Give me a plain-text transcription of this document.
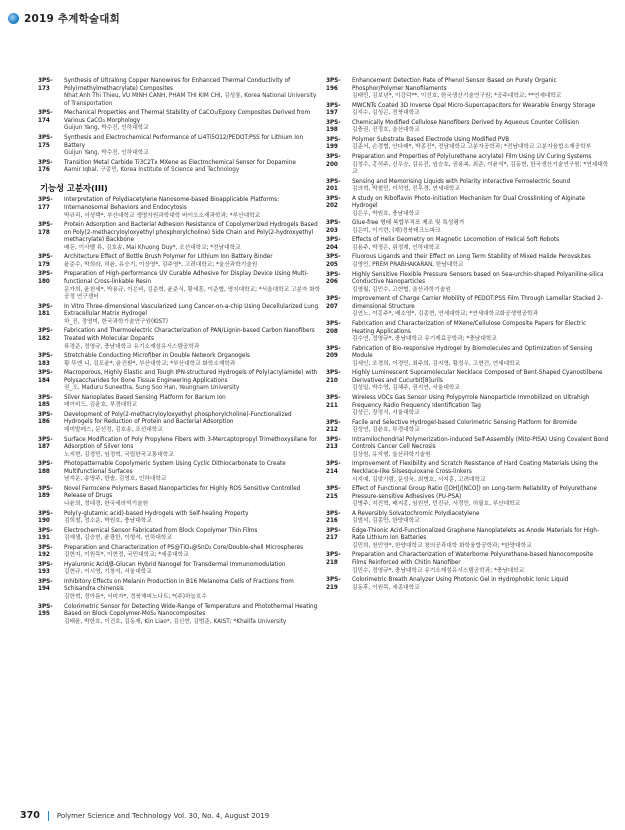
2019 추계학술대회
3PS-173
Synthesis of Ultralong Copper Nanowires for Enhanced Thermal Conductivity of Poly(methylmethacrylate) Composites
Nhat Anh Thi Thieu, VU MINH CANH, PHAM THI KIM CHI, 김성룡, Korea National University of Transportation
3PS-174
Mechanical Properties and Thermal Stability of CaCO₃/Epoxy Composites Derived from Various CaCO₃ Morphology
Guijun Yang, 박수진, 인하대학교
3PS-175
Synthesis and Electrochemical Performance of Li4Ti5O12/PEDOT:PSS for Lithium Ion Battery
Guijun Yang, 박수진, 인하대학교
3PS-176
Transition Metal Carbide Ti3C2Tx MXene as Electrochemical Sensor for Dopamine
Aamir Iqbal, 구종민, Korea Institute of Science and Technology
기능성 고분자(III)
3PS-177
Interpretation of Polydiacetylene Nanosome-based Bioapplicable Platforms: Internanosomal Behaviors and Endocytosis
박규리, 서성택*, 부산대학교 생명자원과학대학 바이오소재과학과; *부산대학교
3PS-178
Protein Adsorption and Bacterial Adhesion Resistance of Copolymerized Hydrogels Based on Poly(2-methacryloyloxyethyl phosphorylcholine) Side Chain and Poly(2-hydroxyethyl methacrylate) Backbone
배돈, 이사벨 류, 김호송, Mai Khuong Duy*, 조선대학교; *전남대학교
3PS-179
Architecture Effect of Bottle Brush Polymer for Lithium Ion Battery Binder
윤준수, 박희라, 허윤, 유승기, 이상영*, 김주영*, 고려대학교; *울산과학기술원
3PS-180
Preparation of High-performance UV Curable Adhesive for Display Device Using Multi-functional Cross-linkable Resin
문가희, 윤천세*, 박용규, 이은비, 김준혁, 윤준식, 황세훈, 이준협, 명지대학교; *서울대학교 고분자 화학공정 연구센터
3PS-181
In Vitro Three-dimensional Vascularized Lung Cancer-on-a-chip Using Decellularized Lung Extracellular Matrix Hydrogel
하_진, 정영미, 한국과학기술연구원(KIST)
3PS-182
Fabrication and Thermoelectric Characterization of PAN/Lignin-based Carbon Nanofibers Treated with Molecular Dopants
류경준, 정영규, 충남대학교 유기소재섬유시스템공학과
3PS-183
Stretchable Conducting Microfiber in Double Network Organogels
황 뚜엔 니, 김도윤*, 윤진환*, 부산대학교; *부산대학교 화학소재학과
3PS-184
Macroporous, Highly Elastic and Tough IPN-structured Hydrogels of Poly(acrylamide) with Polysaccharides for Bone Tissue Engineering Applications
권_오, Maduru Suneetha, Sung Soo Han, Yeungnam University
3PS-185
Silver Nanoplates Based Sensing Platform for Barium Ion
데이비드, 김윤호, 부경대학교
3PS-186
Development of Poly(2-methacryloyloxyethyl phosphorylcholine)-Functionalized Hydrogels for Reduction of Protein and Bacterial Adsorption
데미발레스, 문선정, 김호송, 조선대학교
3PS-187
Surface Modification of Poly Propylene Fibers with 3-Mercaptopropyl Trimethoxysilane for Adsorption of Silver Ions
노지현, 김경민, 임정혁, 국립한국교통대학교
3PS-188
Photopatternable Copolymeric System Using Cyclic Dithiocarbonate to Create Multifunctional Surfaces
남지운, 송영주, 한솔, 김영호, 인하대학교
3PS-189
Novel Ferrocene Polymers Based Nanoparticles for Highly ROS Sensitive Controlled Release of Drugs
나윤희, 정대경, 한국세라믹기술원
3PS-190
Poly(γ-glutamic acid)-based Hydrogels with Self-healing Property
김희철, 정소운, 박원호, 충남대학교
3PS-191
Electrochemical Sensor Fabricated from Block Copolymer Thin Films
김예샘, 김승현, 윤광한, 이형석, 인하대학교
3PS-192
Preparation and Characterization of PS@TiO₂@SnO₂ Core/Double-shell Microspheres
김현지, 이원목*, 이현정, 국민대학교; *세종대학교
3PS-193
Hyaluronic Acid/β-Glucan Hybrid Nanogel for Transdermal Immunomodulation
김현규, 이시영, 기창석, 서울대학교
3PS-194
Inhibitory Effects on Melanin Production in B16 Melanoma Cells of Fractions from Schisandra chinensis
김한혁, 정아름*, 서미자*, 경북해피노나트; *(주)하늘호수
3PS-195
Colorimetric Sensor for Detecting Wide-Range of Temperature and Photothermal Heating Based on Block Copolymer-MoS₂ Nanocomposites
김태윤, 박한호, 이건호, 김동재, Kin Liao*, 김신현, 김범준, KAIST; *Khalifa University
3PS-196
Enhancement Detection Rate of Phenol Sensor Based on Purely Organic Phosphor/Polymer Nanofilaments
김태민, 김보년*, 이강덕**, 이선호, 한국생산기술연구원; *공주대학교; **연세대학교
3PS-197
MWCNTs Coated 3D Inverse Opal Micro-Supercapacitors for Wearable Energy Storage
김지수, 김성곤, 전북대학교
3PS-198
Chemically Modified Cellulose Nanofibers Derived by Aqueous Counter Collision
김충권, 진정호, 울산대학교
3PS-199
Polymer Substrate Based Electrode Using Modified PVB
김준서, 손경협, 안다래*, 박종진*, 전남대학교 고분자공학과; *전남대학교 고분자융합소재공학부
3PS-200
Preparation and Properties of Poly(urethane acrylate) Film Using UV Curing Systems
김정수, 홍석주, 신우승, 김유진, 임승호, 권용복, 최준, 이윤석*, 김동현, 한국생산기술연구원; *연세대학교
3PS-201
Sensing and Memorising Liquids with Polarity Interactive Ferroelectric Sound
김의혁, 박철민, 이석영, 진무경, 연세대학교
3PS-202
A study on Riboflavin Photo-initiation Mechanism for Dual Crosslinking of Alginate Hydrogel
김은우, 박원호, 충남대학교
3PS-203
Glue-free 형태 복합부직포 제조 및 특성평가
김은미, 이기련, (재)경북테크노파크
3PS-204
Effects of Helix Geometry on Magnetic Locomotion of Helical Soft Robots
김용주, 박정은, 위정재, 인하대학교
3PS-205
Fluorous Ligands and their Effect on Long Term Stability of Mixed Halide Perovskites
김영민, PREM PRABHAKARAN, 한남대학교
3PS-206
Highly Sensitive Flexible Pressure Sensors based on Sea-urchin-shaped Polyaniline-silica Conductive Nanoparticles
김영월, 김민수, 고현협, 울산과학기술원
3PS-207
Improvement of Charge Carrier Mobility of PEDOT:PSS Film Through Lamellar Stacked 2-dimensional Structure
김연노, 이홍주*, 배소영*, 김종현, 연세대학교; *연세대학교화공생명공학과
3PS-208
Fabrication and Characterization of MXene/Cellulose Composite Papers for Electric Heating Applications
김수연, 정영규*, 충남대학교 유기재료공학과; *충남대학교
3PS-209
Fabrication of Bio-responsive Hydrogel by Biomolecules and Optimization of Sensing Module
김세인, 조경희, 이경민, 최주희, 김지영, 황정우, 고현건, 연세대학교
3PS-210
Highly Luminescent Supramolecular Necklace Composed of Bent-Shaped Cyanostilbene Derivatives and Cucurbit[8]urils
김성일, 박수영, 김혜주, 권지연, 서울대학교
3PS-211
Wireless VOCs Gas Sensor Using Polypyrrole Nanoparticle Immobilized on Ultrahigh Frequency Radio Frequency Identification Tag
김성근, 장정식, 서울대학교
3PS-212
Facile and Selective Hydrogel-based Colorimetric Sensing Platform for Bromide
김성연, 김윤호, 부경대학교
3PS-213
Intramilochondrial Polymerization-induced Self-Assembly (Mito-PISA) Using Covalent Bond Controls Cancer Cell Necrosis
김상원, 유자형, 울산과학기술원
3PS-214
Improvement of Flexibility and Scratch Resistance of Hard Coating Materials Using the Necklace-like Silsesquioxane Cross-linkers
서지예, 김맞가람, 문성욱, 최병호, 서지훈, 고려대학교
3PS-215
Effect of Functional Group Ratio ([OH]/[NCO]) on Long-term Reliability of Polyurethane Pressure-sensitive Adhesives (PU-PSA)
김병주, 지진혁, 배지홍, 임원빈, 민진규, 서정민, 허필호, 부산대학교
3PS-216
A Reversibly Solvatochromic Polydiacetylene
김범석, 김종만, 한양대학교
3PS-217
Edge-Thionic Acid-Functionalized Graphene Nanoplatelets as Anode Materials for High-Rate Lithium Ion Batteries
김민희, 천민영*, 한양대학교 창의공과대학 화학융합공학과; *한양대학교
3PS-218
Preparation and Characterization of Waterborne Polyurethane-based Nanocomposite Films Reinforced with Chitin Nanofiber
김민수, 정영규*, 충남대학교 유기소재섬유시스템공학과; *충남대학교
3PS-219
Colorimetric Breath Analyzer Using Photonic Gel in Hydrophobic Ionic Liquid
김동후, 이원목, 세종대학교
370 Polymer Science and Technology Vol. 30, No. 4, August 2019
